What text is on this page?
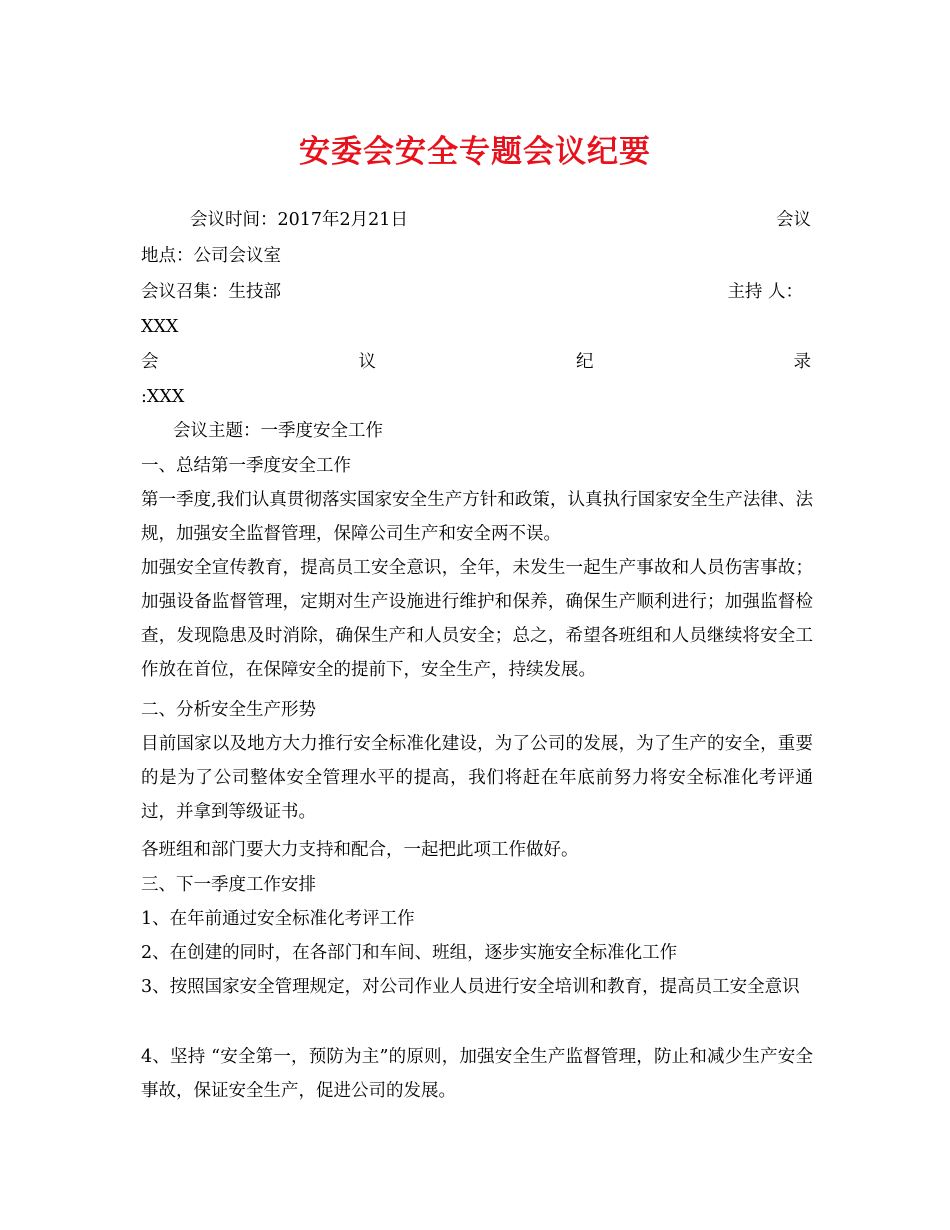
安委会安全专题会议纪要
会议时间：2017年2月21日	会议
地点：公司会议室
会议召集：生技部	主持 人：
XXX
会	议	纪	录
:XXX
会议主题：一季度安全工作
一、总结第一季度安全工作
第一季度,我们认真贯彻落实国家安全生产方针和政策，认真执行国家安全生产法律、法规，加强安全监督管理，保障公司生产和安全两不误。
加强安全宣传教育，提高员工安全意识，全年，未发生一起生产事故和人员伤害事故；加强设备监督管理，定期对生产设施进行维护和保养，确保生产顺利进行；加强监督检查，发现隐患及时消除，确保生产和人员安全；总之，希望各班组和人员继续将安全工作放在首位，在保障安全的提前下，安全生产，持续发展。
二、分析安全生产形势
目前国家以及地方大力推行安全标准化建设，为了公司的发展，为了生产的安全，重要的是为了公司整体安全管理水平的提高，我们将赶在年底前努力将安全标准化考评通过，并拿到等级证书。
各班组和部门要大力支持和配合，一起把此项工作做好。
三、下一季度工作安排
1、在年前通过安全标准化考评工作
2、在创建的同时，在各部门和车间、班组，逐步实施安全标准化工作
3、按照国家安全管理规定，对公司作业人员进行安全培训和教育，提高员工安全意识
4、坚持 “安全第一，预防为主”的原则，加强安全生产监督管理，防止和减少生产安全事故，保证安全生产，促进公司的发展。
